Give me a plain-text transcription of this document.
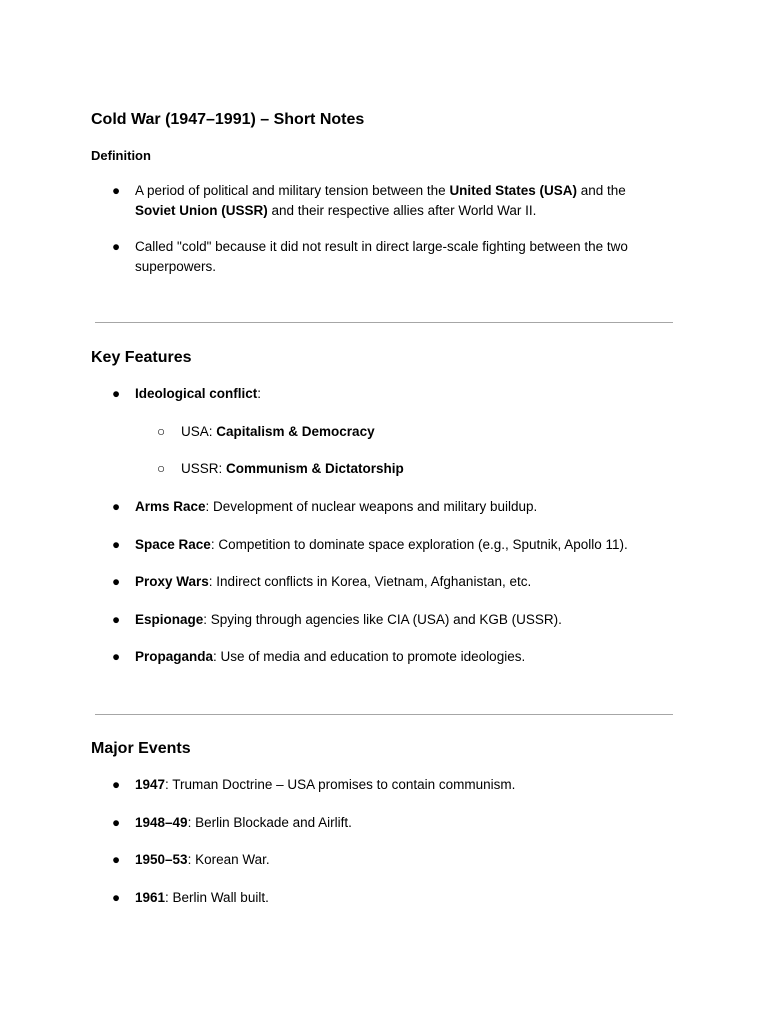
Cold War (1947–1991) – Short Notes
Definition
● A period of political and military tension between the United States (USA) and the
Soviet Union (USSR) and their respective allies after World War II.
● Called "cold" because it did not result in direct large-scale fighting between the two
superpowers.
Key Features
● Ideological conflict:
○ USA: Capitalism & Democracy
○ USSR: Communism & Dictatorship
● Arms Race: Development of nuclear weapons and military buildup.
● Space Race: Competition to dominate space exploration (e.g., Sputnik, Apollo 11).
● Proxy Wars: Indirect conflicts in Korea, Vietnam, Afghanistan, etc.
● Espionage: Spying through agencies like CIA (USA) and KGB (USSR).
● Propaganda: Use of media and education to promote ideologies.
Major Events
● 1947: Truman Doctrine – USA promises to contain communism.
● 1948–49: Berlin Blockade and Airlift.
● 1950–53: Korean War.
● 1961: Berlin Wall built.
